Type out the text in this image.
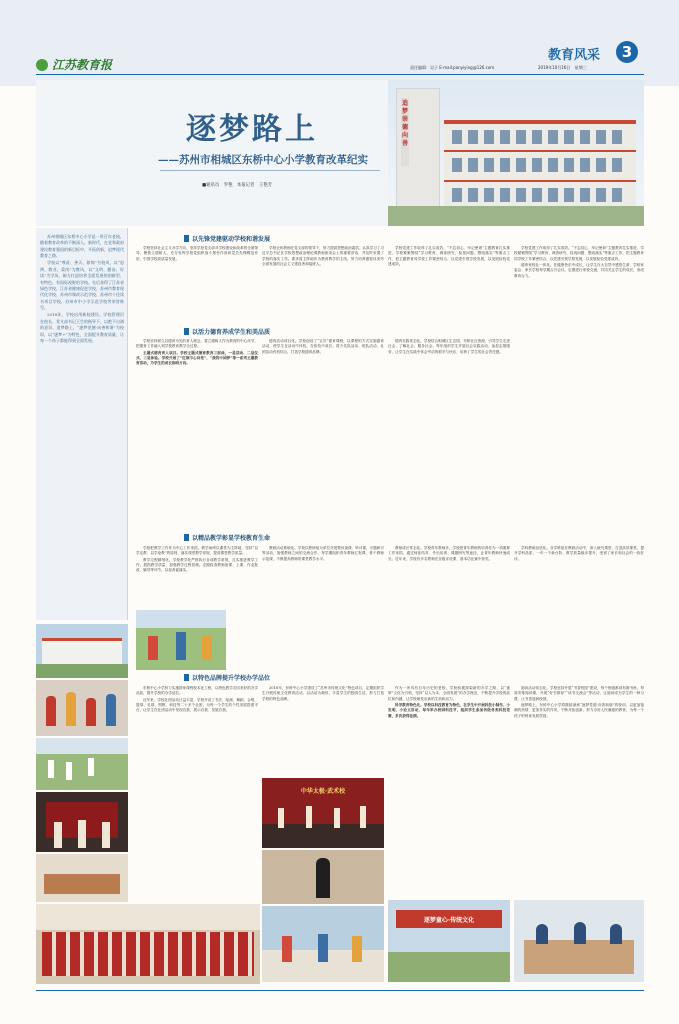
江苏教育报	责任编辑：吴子 E-mail:panyiying@126.com	2019年10月16日 星期三
教育风采	3
追梦崇德向善
逐梦路上
——苏州市相城区东桥中心小学教育改革纪实
■通讯员　罗艳　本报记者　王艳芳

苏州相城区东桥中心小学是一所百年老校，随着教育改革的不断深入，新时代，在党和政府建设教育强国的新目标中，开拓创新，追梦现代教育之路。

学校以“尊苗、善天、如锦”为校风，以“思辨、教业、爱岗”为教风，以“文明、勤奋、好读”为学风，倾力打造培养全面发展的创新型、有特色、有国际视野的学校。先后获得了江苏省绿色学校、江苏省健康促进学校、苏州市教育现代化学校、苏州市课改示范学校、苏州市十佳读书项目学校、苏州市中小学示范学校等荣誉称号。

2018年，学校启用新校建设。学校管理层在校长、党支部书记王生的指导下，以绝不自满的意识，追梦路上，“逐梦党德·向善和谐”为校训，以“逐梦+”为特色，全面提升教育质量，让每一个孩子都能得到全面发展。

以先锋党建驱动学校和谐发展

学校坚持社会主义办学方向，坚持学校党支部对学校建设和改革的全面领导，聚焦立德树人，充分发挥学校党组织战斗堡垒作用和党员先锋模范作用，引领学校高质量发展。

学校全体教师在党支部的领导下，努力提高思想政治素质，认真学习了习近平总书记在学校思想政治理论课教师座谈会上的重要讲话，并及时布置了学校的落实工作。要求将主阵地作为教育教学的主线，努力培养德智体美劳全面发展的社会主义建设者和接班人。

学校党建工作取得了扎实成效。“不忘初心、牢记使命”主题教育扎实推进，学校紧紧围绕“学习教育、调查研究、检视问题、整改落实”等重点工作，把主题教育同学校工作紧密结合，以党建引领学校发展，以发展检验党建成效。

以活力德育养成学生和美品质

学校坚持树立以德育为先的育人理念，将立德树人作为教育的中心环节，把德育工作融入到学校教育教学全过程。

主题式德育育人项目。学校主题式德育教育三部曲，一是活动、二是仪式、三是体验。学校开展了“红领巾心向党”、“我的中国梦”等一系列主题教育活动，为学生的成长指明方向。

德育活动项目化。学校创设了“宝贝”德育课程，以课程的方式实施德育活动，使学生在活动中体验、在体验中成长。将少先队活动、班队活动、社团活动有机结合，打造学校德育品牌。

德育实践常态化。学校结合相城区生态园、东桥社区资源，引导学生走进社会、了解社会、服务社会。每年组织学生开展社会实践活动，参加志愿服务，让学生在实践中体会劳动的艰辛与快乐，培养了学生的社会责任感。

学校党建工作取得了扎实成效。“不忘初心、牢记使命”主题教育扎实推进，学校紧紧围绕“学习教育、调查研究、检视问题、整改落实”等重点工作，把主题教育同学校工作紧密结合，以党建引领学校发展，以发展检验党建成效。

德育家校社一体化。在健康快乐中成长，让学生在大自然中感悟生命，学校家委会、家长学校每学期召开会议，定期进行家校交流，共同关注学生的成长，形成教育合力。

以精品教学彰显学校教育生命

学校把教学工作作为中心工作来抓，教学始终以课堂为主阵地，坚持“以学定教、以学论教”的原则，落实课堂教学常规，提高课堂教学质量。

教学过程精细化。学校教学处严格执行各项教学常规，扎实推进教学工作，狠抓教学质量，加强教学过程管理。定期检查教师备课、上课、作业批改、辅导等环节，以检查促落实。

教研活动系统化。学校以教研组为单位开展集体备课、听评课、专题研讨等活动，加强教师之间的交流合作，每学期组织青年教师汇报课、骨干教师示范课，不断提高教师的课堂教学水平。

教师成长常态化。学校青年教师多，学校把青年教师的培养作为一项重要工作来抓，通过师徒结对、外出培训、课题研究等途径，让青年教师快速成长。近年来，学校有多名教师在各级评优课、基本功比赛中获奖。

学科教研品质化。各学科组在教研活动中，深入研究课堂，打造高效课堂，提升学科品质，一年一个新台阶，教学质量稳步提升，受到了家长和社会的一致好评。

以特色品牌提升学校办学品位

东桥中心小学努力实施国家课程校本化工程，以特色教学走向美好的办学品质，提升学校的办学品位。

近年来，学校社团活动日益丰富，学校开设了书法、绘画、舞蹈、合唱、篮球、足球、围棋、科技等二十多个社团，为每一个学生的个性发展搭建平台，让学生在社团活动中发现自我、展示自我、发展自我。

2018年，东桥中心小学建设了“苏州市传统文化”特色项目，定期组织学生开展传统文化教育活动，以活动为载体，丰富学生的校园生活，努力打造学校的特色品牌。

作为一所具有百年历史的老校，学校积极探索新的办学之路，以“逐梦”文化为引领，坚持“以人为本、全面发展”的办学理念，不断提升学校的品位和内涵，让学校焕发出新的生机和活力。

科学教育特色化。学校以科技教育为特色，在学生中开展科技小制作、小发明、小论文活动，每年举办校园科技节，组织学生参加各级各类科技竞赛，多次获得佳绩。

阅读活动常态化。学校坚持开展“书香校园”建设，每个班级都设有图书角，每周安排阅读课，开展“好书推荐”“读书交流会”等活动，让阅读成为学生的一种习惯，让书香浸润校园。

逐梦路上，东桥中心小学将继续秉承“逐梦党德·向善和谐”的校训，以更加饱满的热情、更加务实的作风，不断开拓创新，努力办好人民满意的教育，为每一个孩子的终身发展奠基。

中华太极·武术校
逐梦童心·传统文化
